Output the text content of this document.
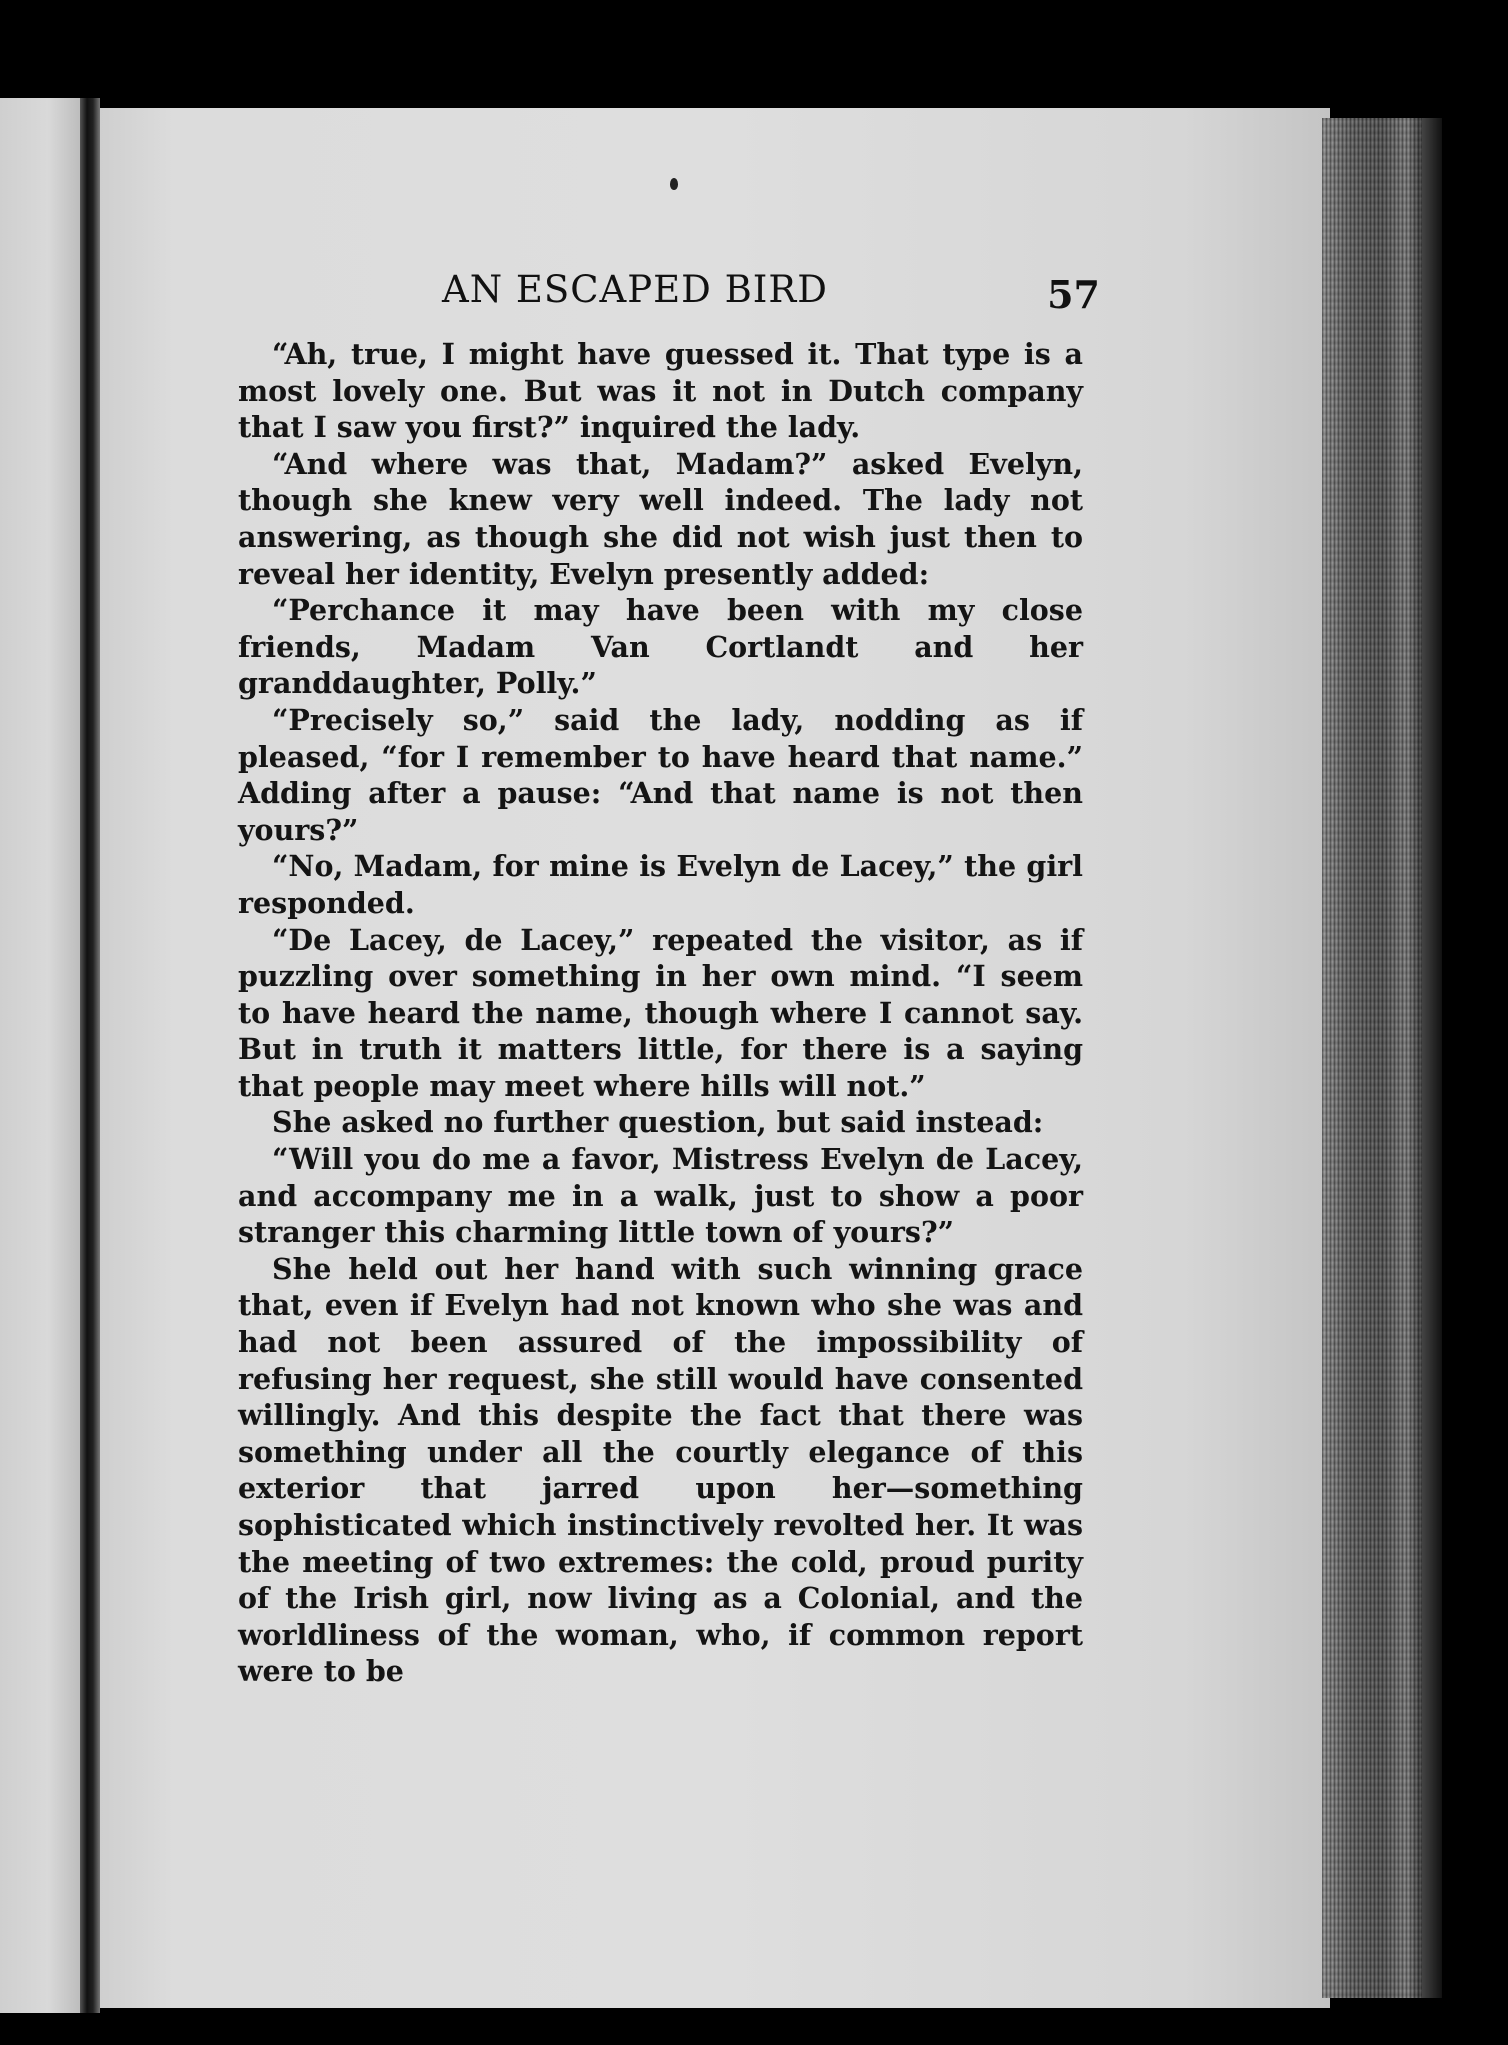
AN ESCAPED BIRD	57

“Ah, true, I might have guessed it. That type is a most lovely one. But was it not in Dutch company that I saw you first?” inquired the lady.

“And where was that, Madam?” asked Evelyn, though she knew very well indeed. The lady not answering, as though she did not wish just then to reveal her identity, Evelyn presently added:

“Perchance it may have been with my close friends, Madam Van Cortlandt and her granddaughter, Polly.”

“Precisely so,” said the lady, nodding as if pleased, “for I remember to have heard that name.” Adding after a pause: “And that name is not then yours?”

“No, Madam, for mine is Evelyn de Lacey,” the girl responded.

“De Lacey, de Lacey,” repeated the visitor, as if puzzling over something in her own mind. “I seem to have heard the name, though where I cannot say. But in truth it matters little, for there is a saying that people may meet where hills will not.”

She asked no further question, but said instead:

“Will you do me a favor, Mistress Evelyn de Lacey, and accompany me in a walk, just to show a poor stranger this charming little town of yours?”

She held out her hand with such winning grace that, even if Evelyn had not known who she was and had not been assured of the impossibility of refusing her request, she still would have consented willingly. And this despite the fact that there was something under all the courtly elegance of this exterior that jarred upon her—something sophisticated which instinctively revolted her. It was the meeting of two extremes: the cold, proud purity of the Irish girl, now living as a Colonial, and the worldliness of the woman, who, if common report were to be
